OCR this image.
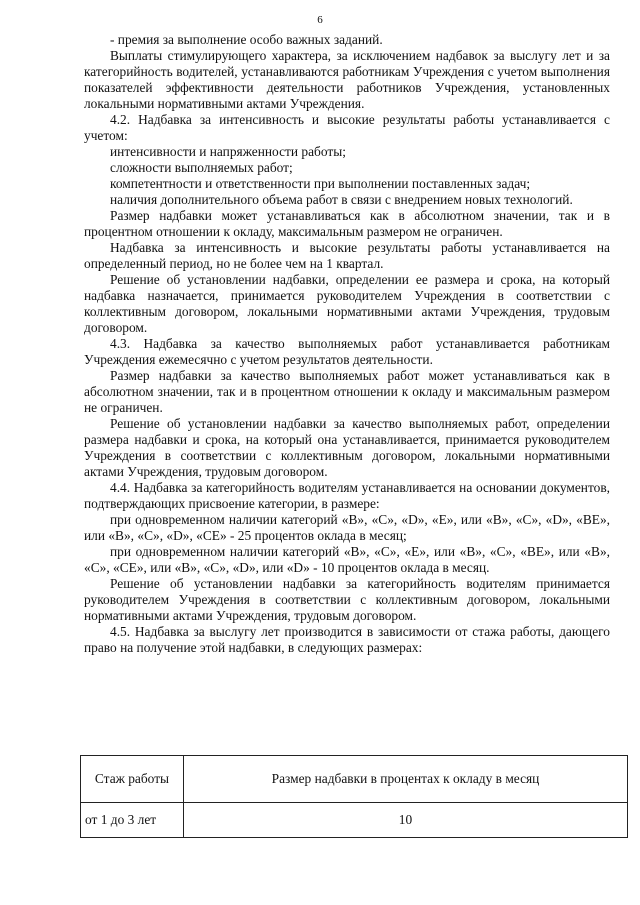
6

- премия за выполнение особо важных заданий.

Выплаты стимулирующего характера, за исключением надбавок за выслугу лет и за категорийность водителей, устанавливаются работникам Учреждения с учетом выполнения показателей эффективности деятельности работников Учреждения, установленных локальными нормативными актами Учреждения.

4.2. Надбавка за интенсивность и высокие результаты работы устанавливается с учетом:

интенсивности и напряженности работы;

сложности выполняемых работ;

компетентности и ответственности при выполнении поставленных задач;

наличия дополнительного объема работ в связи с внедрением новых технологий.

Размер надбавки может устанавливаться как в абсолютном значении, так и в процентном отношении к окладу, максимальным размером не ограничен.

Надбавка за интенсивность и высокие результаты работы устанавливается на определенный период, но не более чем на 1 квартал.

Решение об установлении надбавки, определении ее размера и срока, на который надбавка назначается, принимается руководителем Учреждения в соответствии с коллективным договором, локальными нормативными актами Учреждения, трудовым договором.

4.3. Надбавка за качество выполняемых работ устанавливается работникам Учреждения ежемесячно с учетом результатов деятельности.

Размер надбавки за качество выполняемых работ может устанавливаться как в абсолютном значении, так и в процентном отношении к окладу и максимальным размером не ограничен.

Решение об установлении надбавки за качество выполняемых работ, определении размера надбавки и срока, на который она устанавливается, принимается руководителем Учреждения в соответствии с коллективным договором, локальными нормативными актами Учреждения, трудовым договором.

4.4. Надбавка за категорийность водителям устанавливается на основании документов, подтверждающих присвоение категории, в размере:

при одновременном наличии категорий «В», «С», «D», «Е», или «В», «С», «D», «ВЕ», или «В», «С», «D», «СЕ» - 25 процентов оклада в месяц;

при одновременном наличии категорий «В», «С», «Е», или «В», «С», «ВЕ», или «В», «С», «СЕ», или «В», «С», «D», или «D» - 10 процентов оклада в месяц.

Решение об установлении надбавки за категорийность водителям принимается руководителем Учреждения в соответствии с коллективным договором, локальными нормативными актами Учреждения, трудовым договором.

4.5. Надбавка за выслугу лет производится в зависимости от стажа работы, дающего право на получение этой надбавки, в следующих размерах:

Стаж работы	Размер надбавки в процентах к окладу в месяц
от 1 до 3 лет	10
